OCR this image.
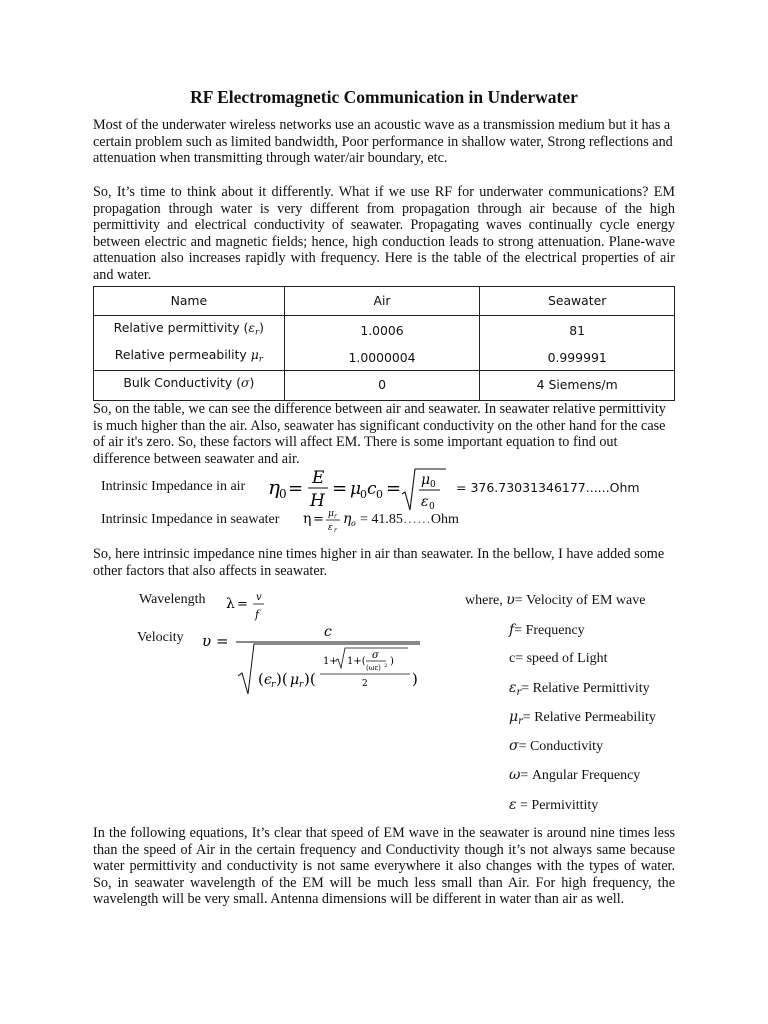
RF Electromagnetic Communication in Underwater

Most of the underwater wireless networks use an acoustic wave as a transmission medium but it has a certain problem such as limited bandwidth, Poor performance in shallow water, Strong reflections and attenuation when transmitting through water/air boundary, etc.

So, It’s time to think about it differently. What if we use RF for underwater communications? EM propagation through water is very different from propagation through air because of the high permittivity and electrical conductivity of seawater. Propagating waves continually cycle energy between electric and magnetic fields; hence, high conduction leads to strong attenuation. Plane-wave attenuation also increases rapidly with frequency. Here is the table of the electrical properties of air and water.

Name	Air	Seawater
Relative permittivity $(\varepsilon_r)$	1.0006	81
Relative permeability $\mu_r$	1.0000004	0.999991
Bulk Conductivity (σ)	0	4 Siemens/m

So, on the table, we can see the difference between air and seawater. In seawater relative permittivity is much higher than the air. Also, seawater has significant conductivity on the other hand for the case of air it's zero. So, these factors will affect EM. There is some important equation to find out difference between seawater and air.

Intrinsic Impedance in air η 0 = E
H
= μ
0 c 0 = μ 0
ε 0
= 376.73031346177......Ohm
Intrinsic Impedance in seawater η = μ r
ε r
η o = 41.85……Ohm

So, here intrinsic impedance nine times higher in air than seawater. In the bellow, I have added some other factors that also affects in seawater.

Wavelength λ = v
f
Velocity υ =	c
( ϵ r )( μ r )(
1+ 1+(
σ
(ωε) 2 )
2	)
where, υ= Velocity of EM wave
f= Frequency
c= speed of Light
$\varepsilon_r=$ Relative Permittivity
$\mu_r=$ Relative Permeability
σ= Conductivity
ω= Angular Frequency
ε = Permivittity

In the following equations, It’s clear that speed of EM wave in the seawater is around nine times less than the speed of Air in the certain frequency and Conductivity though it’s not always same because water permittivity and conductivity is not same everywhere it also changes with the types of water. So, in seawater wavelength of the EM will be much less small than Air. For high frequency, the wavelength will be very small. Antenna dimensions will be different in water than air as well.
